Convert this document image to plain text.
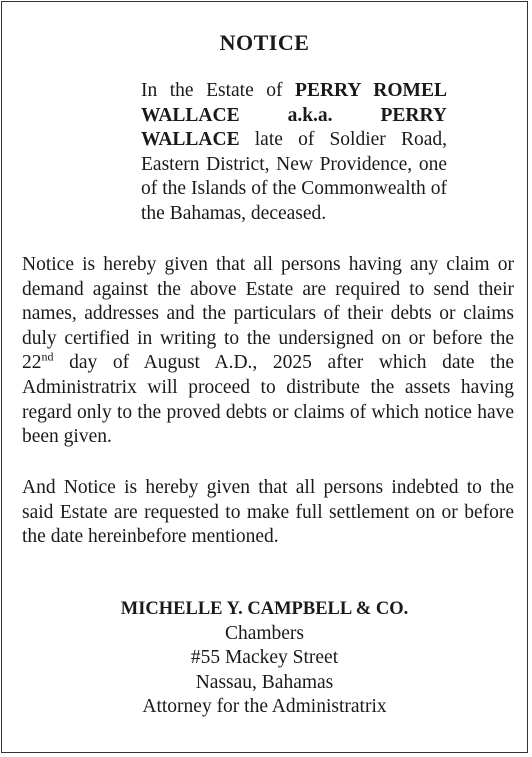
NOTICE
In the Estate of PERRY ROMEL WALLACE a.k.a. PERRY WALLACE late of Soldier Road, Eastern District, New Providence, one of the Islands of the Commonwealth of the Bahamas, deceased.
Notice is hereby given that all persons having any claim or demand against the above Estate are required to send their names, addresses and the particulars of their debts or claims duly certified in writing to the undersigned on or before the 22nd day of August A.D., 2025 after which date the Administratrix will proceed to distribute the assets having regard only to the proved debts or claims of which notice have been given.
And Notice is hereby given that all persons indebted to the said Estate are requested to make full settlement on or before the date hereinbefore mentioned.
MICHELLE Y. CAMPBELL & CO.
Chambers
#55 Mackey Street
Nassau, Bahamas
Attorney for the Administratrix
